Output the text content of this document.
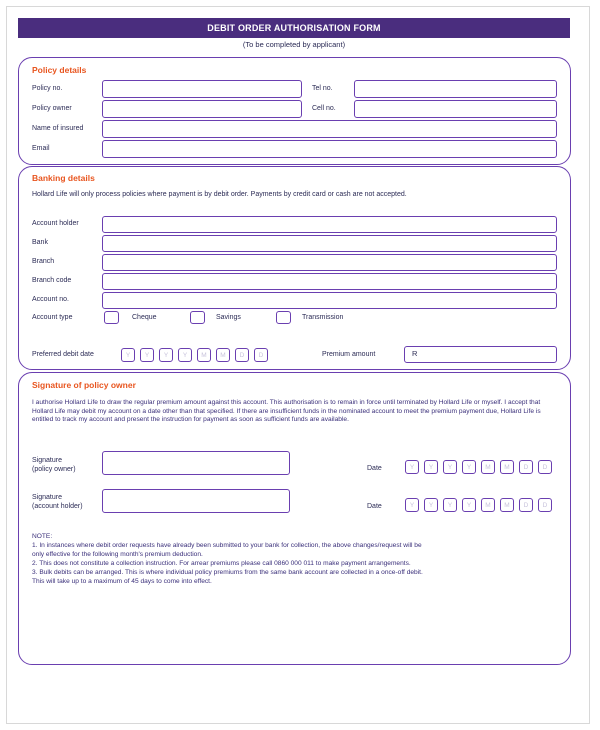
DEBIT ORDER AUTHORISATION FORM
(To be completed by applicant)
Policy details
Policy no.	Tel no.
Policy owner	Cell no.
Name of insured
Email
Banking details
Hollard Life will only process policies where payment is by debit order. Payments by credit card or cash are not accepted.
Account holder
Bank
Branch
Branch code
Account no.
Account type	Cheque	Savings	Transmission
Preferred debit date	Y	Y	Y	Y	M	M	D	D	Premium amount	R
Signature of policy owner
I authorise Hollard Life to draw the regular premium amount against this account. This authorisation is to remain in force until terminated by Hollard Life or myself. I accept that Hollard Life may debit my account on a date other than that specified. If there are insufficient funds in the nominated account to meet the premium payment due, Hollard Life is entitled to track my account and present the instruction for payment as soon as sufficient funds are available.
Signature
(policy owner)	Date	Y	Y	Y	Y	M	M	D	D
Signature
(account holder)	Date	Y	Y	Y	Y	M	M	D	D
NOTE:
1. In instances where debit order requests have already been submitted to your bank for collection, the above changes/request will be
only effective for the following month's premium deduction.
2. This does not constitute a collection instruction. For arrear premiums please call 0860 000 011 to make payment arrangements.
3. Bulk debits can be arranged. This is where individual policy premiums from the same bank account are collected in a once-off debit.
This will take up to a maximum of 45 days to come into effect.
